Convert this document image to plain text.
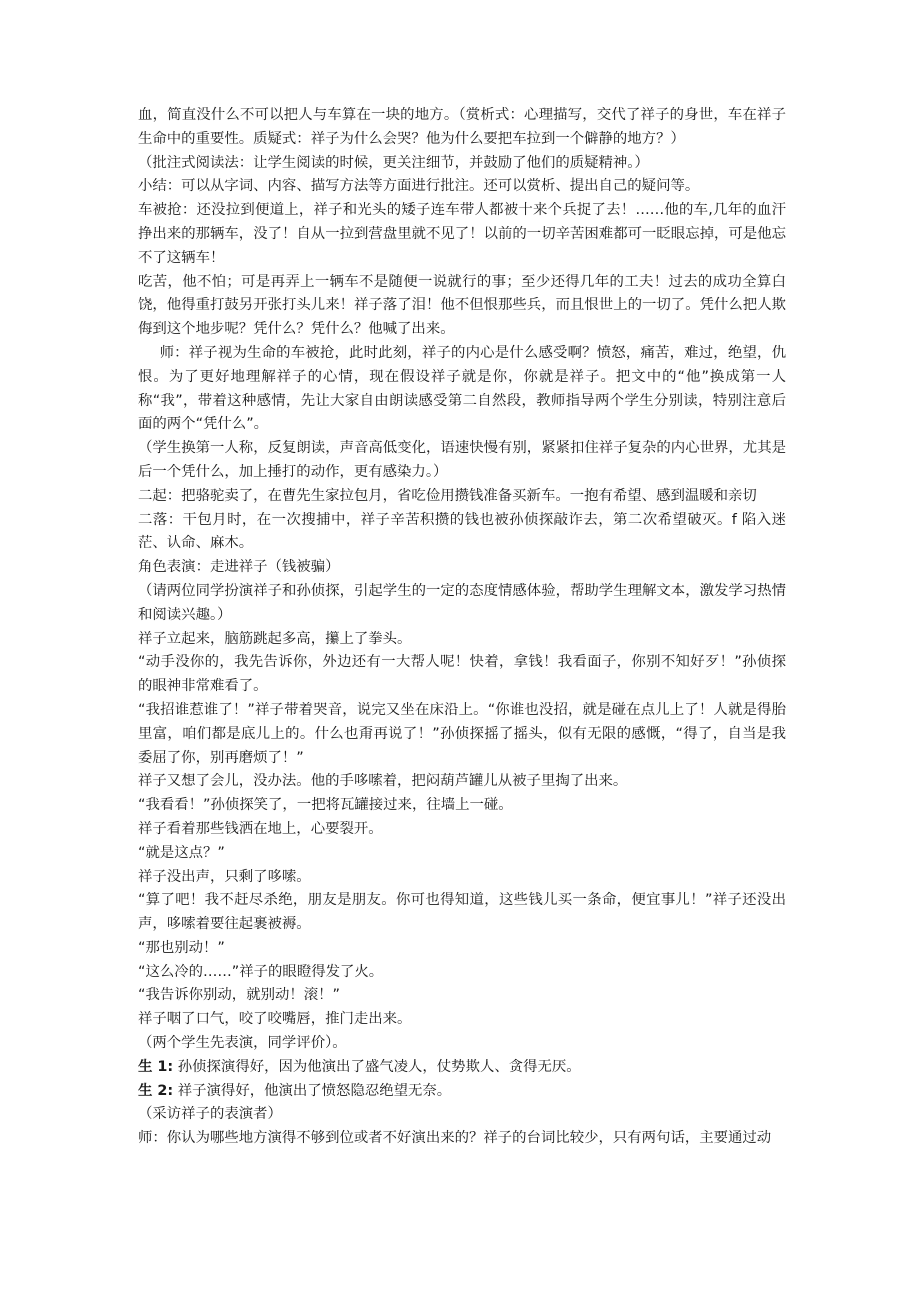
血，简直没什么不可以把人与车算在一块的地方。（赏析式：心理描写，交代了祥子的身世，车在祥子生命中的重要性。质疑式：祥子为什么会哭？他为什么要把车拉到一个僻静的地方？）

（批注式阅读法：让学生阅读的时候，更关注细节，并鼓励了他们的质疑精神。）

小结：可以从字词、内容、描写方法等方面进行批注。还可以赏析、提出自己的疑问等。

车被抢：还没拉到便道上，祥子和光头的矮子连车带人都被十来个兵捉了去！……他的车,几年的血汗挣出来的那辆车，没了！自从一拉到营盘里就不见了！以前的一切辛苦困难都可一眨眼忘掉，可是他忘不了这辆车！

吃苦，他不怕；可是再弄上一辆车不是随便一说就行的事；至少还得几年的工夫！过去的成功全算白饶，他得重打鼓另开张打头儿来！祥子落了泪！他不但恨那些兵，而且恨世上的一切了。凭什么把人欺侮到这个地步呢？凭什么？凭什么？他喊了出来。

师：祥子视为生命的车被抢，此时此刻，祥子的内心是什么感受啊？愤怒，痛苦，难过，绝望，仇恨。为了更好地理解祥子的心情，现在假设祥子就是你，你就是祥子。把文中的“他”换成第一人称“我”，带着这种感情，先让大家自由朗读感受第二自然段，教师指导两个学生分别读，特别注意后面的两个“凭什么”。

（学生换第一人称，反复朗读，声音高低变化，语速快慢有别，紧紧扣住祥子复杂的内心世界，尤其是后一个凭什么，加上捶打的动作，更有感染力。）

二起：把骆驼卖了，在曹先生家拉包月，省吃俭用攒钱准备买新车。一抱有希望、感到温暖和亲切

二落：干包月时，在一次搜捕中，祥子辛苦积攒的钱也被孙侦探敲诈去，第二次希望破灭。f 陷入迷茫、认命、麻木。

角色表演：走进祥子（钱被骗）

（请两位同学扮演祥子和孙侦探，引起学生的一定的态度情感体验，帮助学生理解文本，激发学习热情和阅读兴趣。）

祥子立起来，脑筋跳起多高，攥上了拳头。

“动手没你的，我先告诉你，外边还有一大帮人呢！快着，拿钱！我看面子，你别不知好歹！”孙侦探的眼神非常难看了。

“我招谁惹谁了！”祥子带着哭音，说完又坐在床沿上。“你谁也没招，就是碰在点儿上了！人就是得胎里富，咱们都是底儿上的。什么也甭再说了！”孙侦探摇了摇头，似有无限的感慨，“得了，自当是我委屈了你，别再磨烦了！”

祥子又想了会儿，没办法。他的手哆嗦着，把闷葫芦罐儿从被子里掏了出来。

“我看看！”孙侦探笑了，一把将瓦罐接过来，往墙上一碰。

祥子看着那些钱洒在地上，心要裂开。

“就是这点？”

祥子没出声，只剩了哆嗦。

“算了吧！我不赶尽杀绝，朋友是朋友。你可也得知道，这些钱儿买一条命，便宜事儿！”祥子还没出声，哆嗦着要往起裹被褥。

“那也别动！”

“这么冷的……”祥子的眼瞪得发了火。

“我告诉你别动，就别动！滚！”

祥子咽了口气，咬了咬嘴唇，推门走出来。

（两个学生先表演，同学评价）。

生 1: 孙侦探演得好，因为他演出了盛气凌人，仗势欺人、贪得无厌。

生 2: 祥子演得好，他演出了愤怒隐忍绝望无奈。

（采访祥子的表演者）

师：你认为哪些地方演得不够到位或者不好演出来的？祥子的台词比较少，只有两句话，主要通过动
